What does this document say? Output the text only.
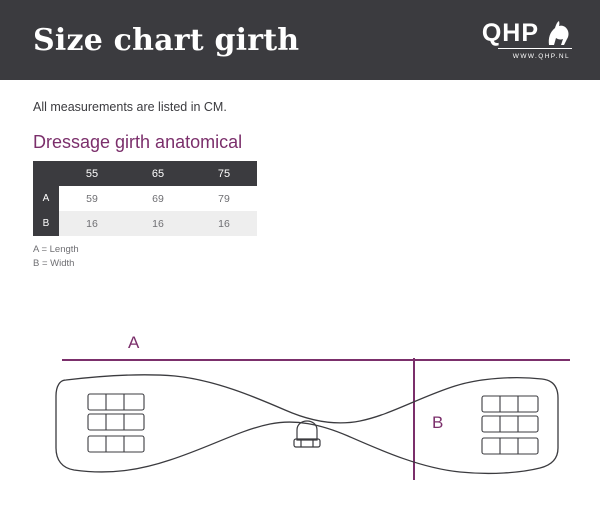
Size chart girth	QHP
WWW.QHP.NL

All measurements are listed in CM.

Dressage girth anatomical
	55	65	75
A	59	69	79
B	16	16	16
A = Length
B = Width
A
B
